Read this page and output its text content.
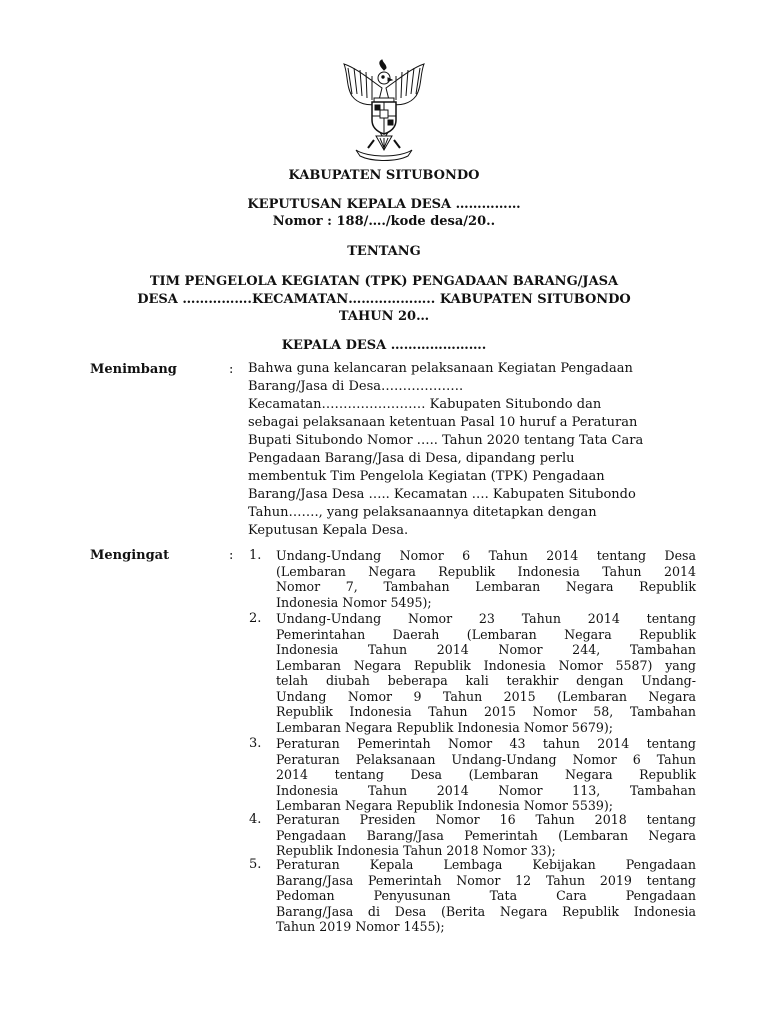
KABUPATEN SITUBONDO
KEPUTUSAN KEPALA DESA ……………
Nomor : 188/…./kode desa/20..
TENTANG
TIM PENGELOLA KEGIATAN (TPK) PENGADAAN BARANG/JASA
DESA …………….KECAMATAN……………….. KABUPATEN SITUBONDO
TAHUN 20…
KEPALA DESA ………………….
Menimbang	: Bahwa guna kelancaran pelaksanaan Kegiatan Pengadaan
Barang/Jasa di Desa……………….
Kecamatan…………………… Kabupaten Situbondo dan
sebagai pelaksanaan ketentuan Pasal 10 huruf a Peraturan
Bupati Situbondo Nomor ….. Tahun 2020 tentang Tata Cara
Pengadaan Barang/Jasa di Desa, dipandang perlu
membentuk Tim Pengelola Kegiatan (TPK) Pengadaan
Barang/Jasa Desa ….. Kecamatan …. Kabupaten Situbondo
Tahun……., yang pelaksanaannya ditetapkan dengan
Keputusan Kepala Desa.
Mengingat	: 1. Undang-Undang Nomor 6 Tahun 2014 tentang Desa
(Lembaran Negara Republik Indonesia Tahun 2014
Nomor 7, Tambahan Lembaran Negara Republik
Indonesia Nomor 5495);
2. Undang-Undang Nomor 23 Tahun 2014 tentang
Pemerintahan Daerah (Lembaran Negara Republik
Indonesia Tahun 2014 Nomor 244, Tambahan
Lembaran Negara Republik Indonesia Nomor 5587) yang
telah diubah beberapa kali terakhir dengan Undang-
Undang Nomor 9 Tahun 2015 (Lembaran Negara
Republik Indonesia Tahun 2015 Nomor 58, Tambahan
Lembaran Negara Republik Indonesia Nomor 5679);
3. Peraturan Pemerintah Nomor 43 tahun 2014 tentang
Peraturan Pelaksanaan Undang-Undang Nomor 6 Tahun
2014 tentang Desa (Lembaran Negara Republik
Indonesia Tahun 2014 Nomor 113, Tambahan
Lembaran Negara Republik Indonesia Nomor 5539);
4. Peraturan Presiden Nomor 16 Tahun 2018 tentang
Pengadaan Barang/Jasa Pemerintah (Lembaran Negara
Republik Indonesia Tahun 2018 Nomor 33);
5. Peraturan Kepala Lembaga Kebijakan Pengadaan
Barang/Jasa Pemerintah Nomor 12 Tahun 2019 tentang
Pedoman Penyusunan Tata Cara Pengadaan
Barang/Jasa di Desa (Berita Negara Republik Indonesia
Tahun 2019 Nomor 1455);
